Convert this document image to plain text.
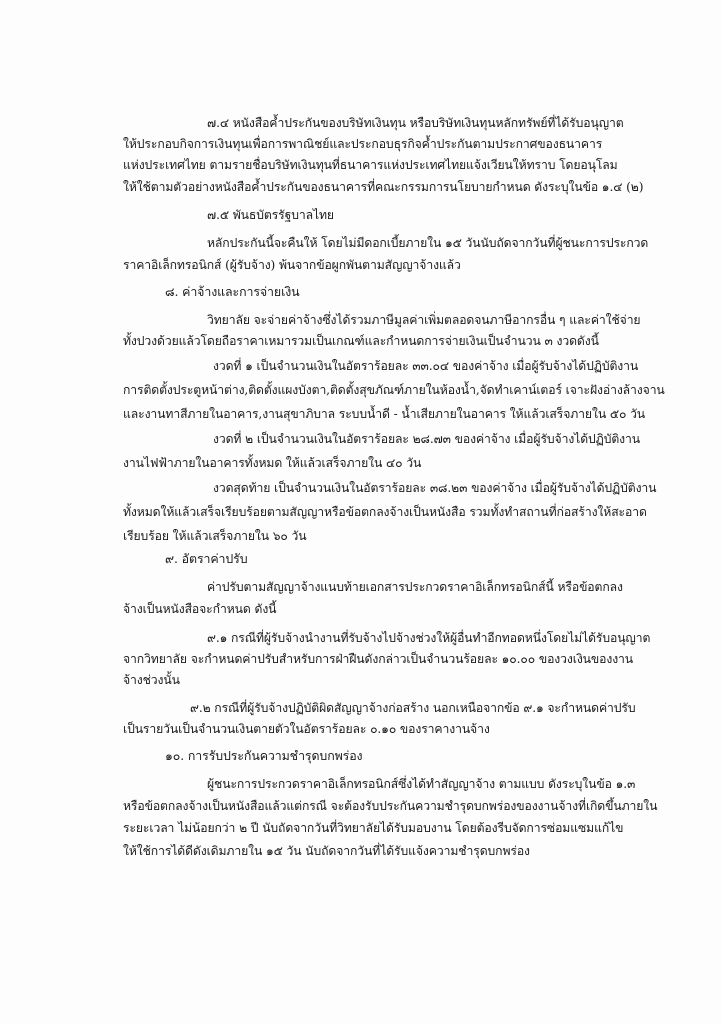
๗.๔ หนังสือค้ำประกันของบริษัทเงินทุน หรือบริษัทเงินทุนหลักทรัพย์ที่ได้รับอนุญาต
ให้ประกอบกิจการเงินทุนเพื่อการพาณิชย์และประกอบธุรกิจค้ำประกันตามประกาศของธนาคาร
แห่งประเทศไทย ตามรายชื่อบริษัทเงินทุนที่ธนาคารแห่งประเทศไทยแจ้งเวียนให้ทราบ โดยอนุโลม
ให้ใช้ตามตัวอย่างหนังสือค้ำประกันของธนาคารที่คณะกรรมการนโยบายกำหนด ดังระบุในข้อ ๑.๔ (๒)
๗.๕ พันธบัตรรัฐบาลไทย
หลักประกันนี้จะคืนให้ โดยไม่มีดอกเบี้ยภายใน ๑๕ วันนับถัดจากวันที่ผู้ชนะการประกวด
ราคาอิเล็กทรอนิกส์ (ผู้รับจ้าง) พ้นจากข้อผูกพันตามสัญญาจ้างแล้ว
๘. ค่าจ้างและการจ่ายเงิน
วิทยาลัย จะจ่ายค่าจ้างซึ่งได้รวมภาษีมูลค่าเพิ่มตลอดจนภาษีอากรอื่น ๆ และค่าใช้จ่าย
ทั้งปวงด้วยแล้วโดยถือราคาเหมารวมเป็นเกณฑ์และกำหนดการจ่ายเงินเป็นจำนวน ๓ งวดดังนี้
งวดที่ ๑ เป็นจำนวนเงินในอัตราร้อยละ ๓๓.๐๔ ของค่าจ้าง เมื่อผู้รับจ้างได้ปฏิบัติงาน
การติดตั้งประตูหน้าต่าง,ติดตั้งแผงบังตา,ติดตั้งสุขภัณฑ์ภายในห้องน้ำ,จัดทำเคาน์เตอร์ เจาะฝังอ่างล้างจาน
และงานทาสีภายในอาคาร,งานสุขาภิบาล ระบบน้ำดี - น้ำเสียภายในอาคาร ให้แล้วเสร็จภายใน ๕๐ วัน
งวดที่ ๒ เป็นจำนวนเงินในอัตราร้อยละ ๒๘.๗๓ ของค่าจ้าง เมื่อผู้รับจ้างได้ปฏิบัติงาน
งานไฟฟ้าภายในอาคารทั้งหมด ให้แล้วเสร็จภายใน ๔๐ วัน
งวดสุดท้าย เป็นจำนวนเงินในอัตราร้อยละ ๓๘.๒๓ ของค่าจ้าง เมื่อผู้รับจ้างได้ปฏิบัติงาน
ทั้งหมดให้แล้วเสร็จเรียบร้อยตามสัญญาหรือข้อตกลงจ้างเป็นหนังสือ รวมทั้งทำสถานที่ก่อสร้างให้สะอาด
เรียบร้อย ให้แล้วเสร็จภายใน ๖๐ วัน
๙. อัตราค่าปรับ
ค่าปรับตามสัญญาจ้างแนบท้ายเอกสารประกวดราคาอิเล็กทรอนิกส์นี้ หรือข้อตกลง
จ้างเป็นหนังสือจะกำหนด ดังนี้
๙.๑ กรณีที่ผู้รับจ้างนำงานที่รับจ้างไปจ้างช่วงให้ผู้อื่นทำอีกทอดหนึ่งโดยไม่ได้รับอนุญาต
จากวิทยาลัย จะกำหนดค่าปรับสำหรับการฝ่าฝืนดังกล่าวเป็นจำนวนร้อยละ ๑๐.๐๐ ของวงเงินของงาน
จ้างช่วงนั้น
๙.๒ กรณีที่ผู้รับจ้างปฏิบัติผิดสัญญาจ้างก่อสร้าง นอกเหนือจากข้อ ๙.๑ จะกำหนดค่าปรับ
เป็นรายวันเป็นจำนวนเงินตายตัวในอัตราร้อยละ ๐.๑๐ ของราคางานจ้าง
๑๐. การรับประกันความชำรุดบกพร่อง
ผู้ชนะการประกวดราคาอิเล็กทรอนิกส์ซึ่งได้ทำสัญญาจ้าง ตามแบบ ดังระบุในข้อ ๑.๓
หรือข้อตกลงจ้างเป็นหนังสือแล้วแต่กรณี จะต้องรับประกันความชำรุดบกพร่องของงานจ้างที่เกิดขึ้นภายใน
ระยะเวลา ไม่น้อยกว่า ๒ ปี นับถัดจากวันที่วิทยาลัยได้รับมอบงาน โดยต้องรีบจัดการซ่อมแซมแก้ไข
ให้ใช้การได้ดีดังเดิมภายใน ๑๕ วัน นับถัดจากวันที่ได้รับแจ้งความชำรุดบกพร่อง
